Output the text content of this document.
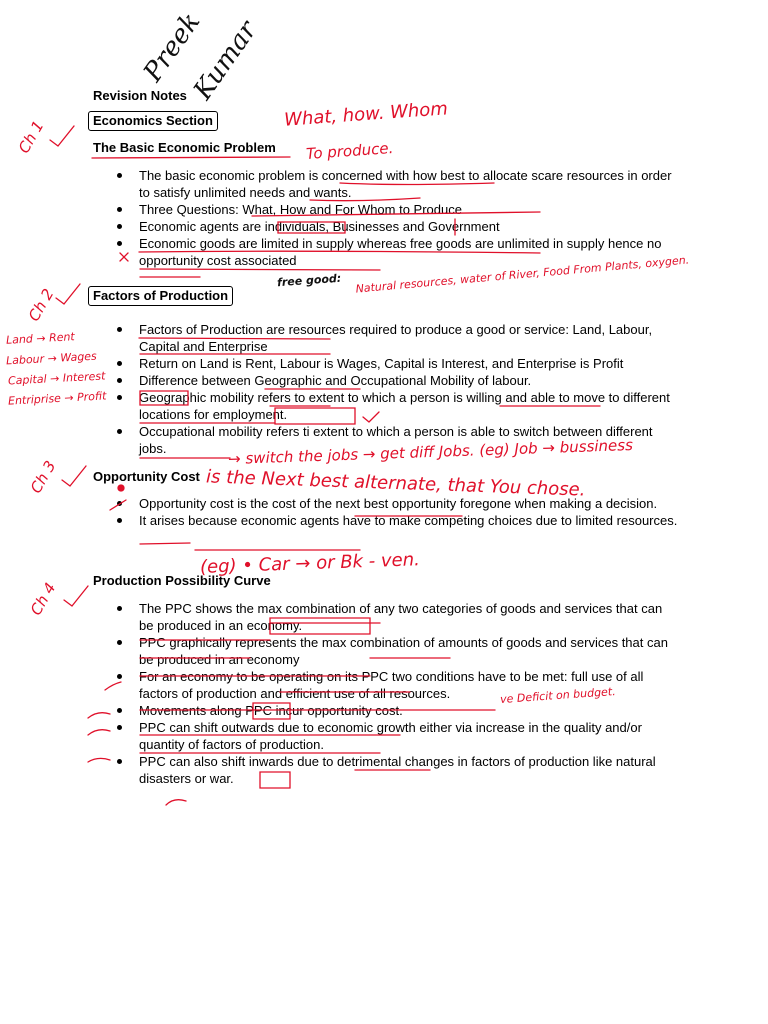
Preek
Kumar
Revision Notes
Economics Section
The Basic Economic Problem
The basic economic problem is concerned with how best to allocate scare resources in order to satisfy unlimited needs and wants.
Three Questions: What, How and For Whom to Produce
Economic agents are individuals, Businesses and Government
Economic goods are limited in supply whereas free goods are unlimited in supply hence no opportunity cost associated
Factors of Production
Factors of Production are resources required to produce a good or service: Land, Labour, Capital and Enterprise
Return on Land is Rent, Labour is Wages, Capital is Interest, and Enterprise is Profit
Difference between Geographic and Occupational Mobility of labour.
Geographic mobility refers to extent to which a person is willing and able to move to different locations for employment.
Occupational mobility refers ti extent to which a person is able to switch between different jobs.
Opportunity Cost
Opportunity cost is the cost of the next best opportunity foregone when making a decision.
It arises because economic agents have to make competing choices due to limited resources.
Production Possibility Curve
The PPC shows the max combination of any two categories of goods and services that can be produced in an economy.
PPC graphically represents the max combination of amounts of goods and services that can be produced in an economy
For an economy to be operating on its PPC two conditions have to be met: full use of all factors of production and efficient use of all resources.
Movements along PPC incur opportunity cost.
PPC can shift outwards due to economic growth either via increase in the quality and/or quantity of factors of production.
PPC can also shift inwards due to detrimental changes in factors of production like natural disasters or war.
What, how. Whom
To produce.
Ch 1
free good: Natural resources, water of River, Food From Plants, oxygen.
Ch 2
Land → Rent
Labour → Wages
Capital → Interest
Entriprise → Profit
→ switch the jobs → get diff Jobs. (eg) Job → bussiness
Ch 3	is the Next best alternate, that You chose.
(eg) • Car → or Bk - ven.
Ch 4
ve Deficit on budget.
